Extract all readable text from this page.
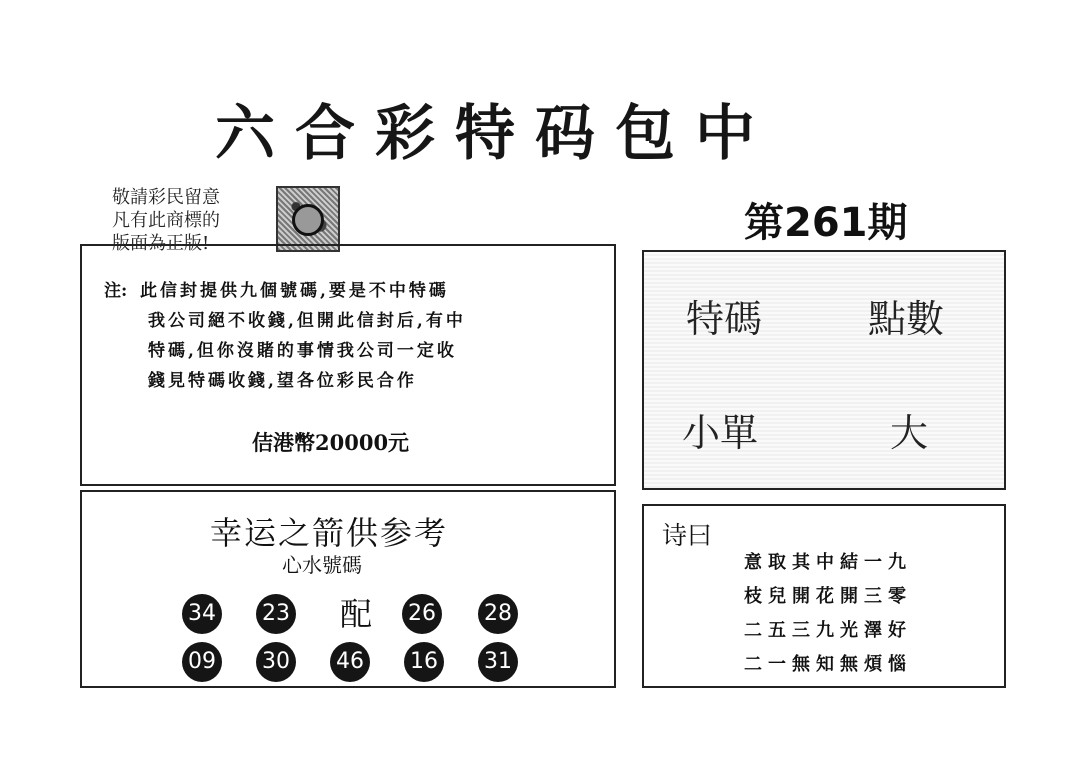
六合彩特码包中
敬請彩民留意
凡有此商標的
版面為正版!	第261期
注: 此信封提供九個號碼,要是不中特碼
我公司絕不收錢,但開此信封后,有中
特碼,但你沒賭的事情我公司一定收
錢見特碼收錢,望各位彩民合作
佶港幣20000元
特碼	點數
小單	大
幸运之箭供参考
心水號碼
34 23 配	26 28
09 30 46 16 31
诗曰
意取其中結一九
枝兒開花開三零
二五三九光澤好
二一無知無煩惱
